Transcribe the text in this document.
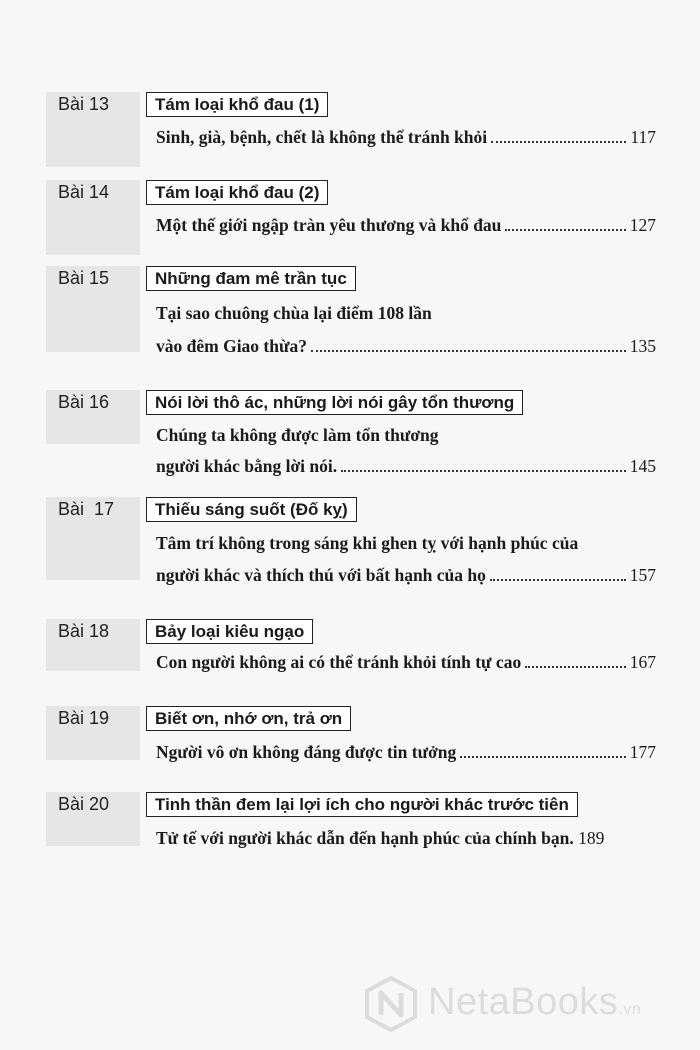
Bài 13	Tám loại khổ đau (1)
Sinh, già, bệnh, chết là không thể tránh khỏi	117
Bài 14	Tám loại khổ đau (2)
Một thế giới ngập tràn yêu thương và khổ đau	127
Bài 15	Những đam mê trần tục
Tại sao chuông chùa lại điểm 108 lần
vào đêm Giao thừa?	135
Bài 16	Nói lời thô ác, những lời nói gây tổn thương
Chúng ta không được làm tổn thương
người khác bằng lời nói.	145
Bài  17	Thiếu sáng suốt (Đố kỵ)
Tâm trí không trong sáng khi ghen tỵ với hạnh phúc của
người khác và thích thú với bất hạnh của họ	157
Bài 18	Bảy loại kiêu ngạo
Con người không ai có thể tránh khỏi tính tự cao	167
Bài 19	Biết ơn, nhớ ơn, trả ơn
Người vô ơn không đáng được tin tưởng	177
Bài 20	Tinh thần đem lại lợi ích cho người khác trước tiên
Tử tế với người khác dẫn đến hạnh phúc của chính bạn. 189
NetaBooks.vn
